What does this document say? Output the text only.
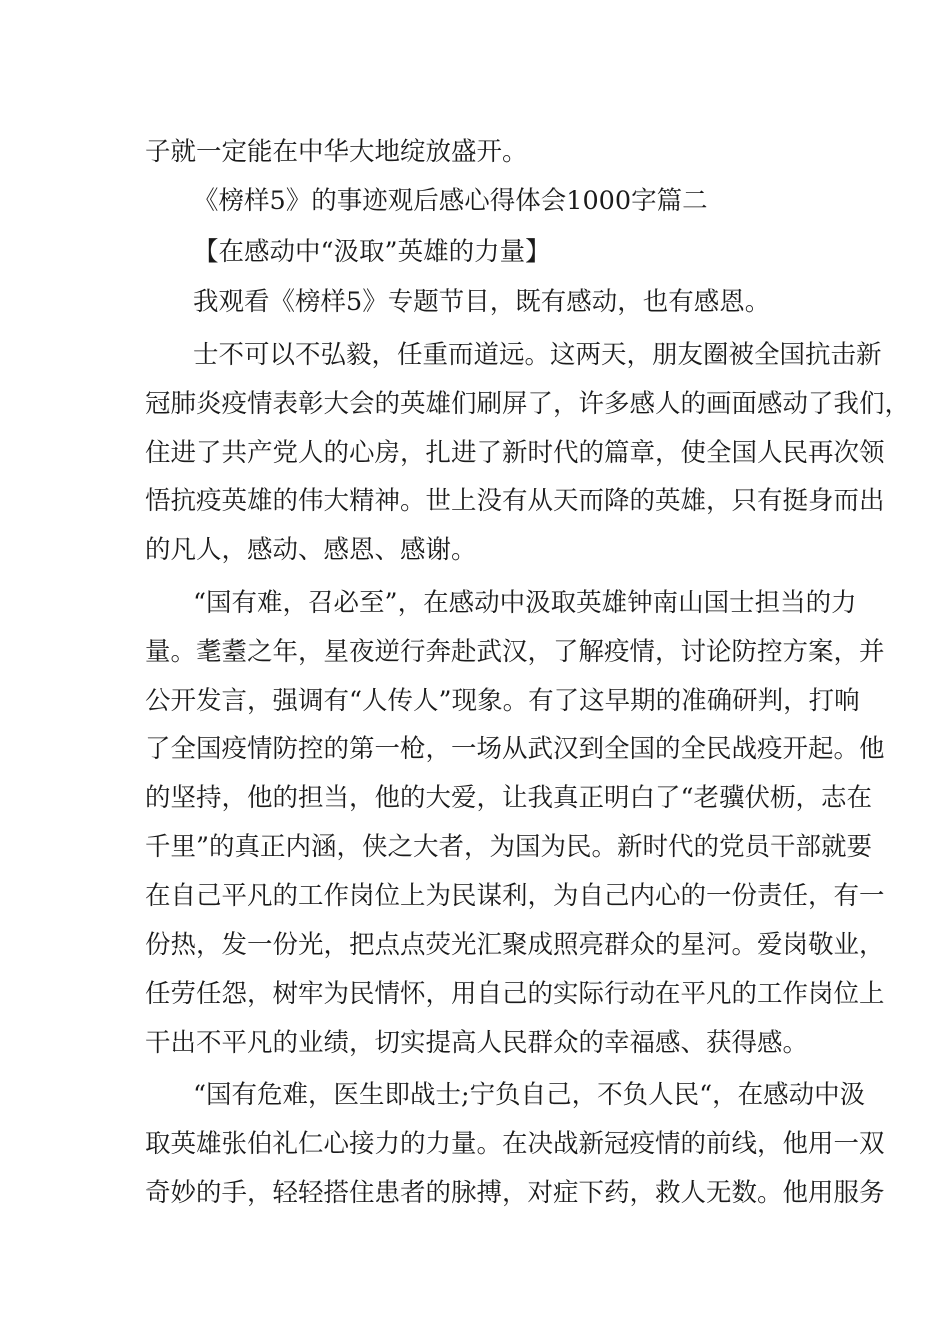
子就一定能在中华大地绽放盛开。
《榜样5》的事迹观后感心得体会1000字篇二
【在感动中“汲取”英雄的力量】
我观看《榜样5》专题节目，既有感动，也有感恩。
士不可以不弘毅，任重而道远。这两天，朋友圈被全国抗击新
冠肺炎疫情表彰大会的英雄们刷屏了，许多感人的画面感动了我们，
住进了共产党人的心房，扎进了新时代的篇章，使全国人民再次领
悟抗疫英雄的伟大精神。世上没有从天而降的英雄，只有挺身而出
的凡人，感动、感恩、感谢。
“国有难，召必至”，在感动中汲取英雄钟南山国士担当的力
量。耄耋之年，星夜逆行奔赴武汉，了解疫情，讨论防控方案，并
公开发言，强调有“人传人”现象。有了这早期的准确研判，打响
了全国疫情防控的第一枪，一场从武汉到全国的全民战疫开起。他
的坚持，他的担当，他的大爱，让我真正明白了“老骥伏枥，志在
千里”的真正内涵，侠之大者，为国为民。新时代的党员干部就要
在自己平凡的工作岗位上为民谋利，为自己内心的一份责任，有一
份热，发一份光，把点点荧光汇聚成照亮群众的星河。爱岗敬业，
任劳任怨，树牢为民情怀，用自己的实际行动在平凡的工作岗位上
干出不平凡的业绩，切实提高人民群众的幸福感、获得感。
“国有危难，医生即战士;宁负自己，不负人民“，在感动中汲
取英雄张伯礼仁心接力的力量。在决战新冠疫情的前线，他用一双
奇妙的手，轻轻搭住患者的脉搏，对症下药，救人无数。他用服务
